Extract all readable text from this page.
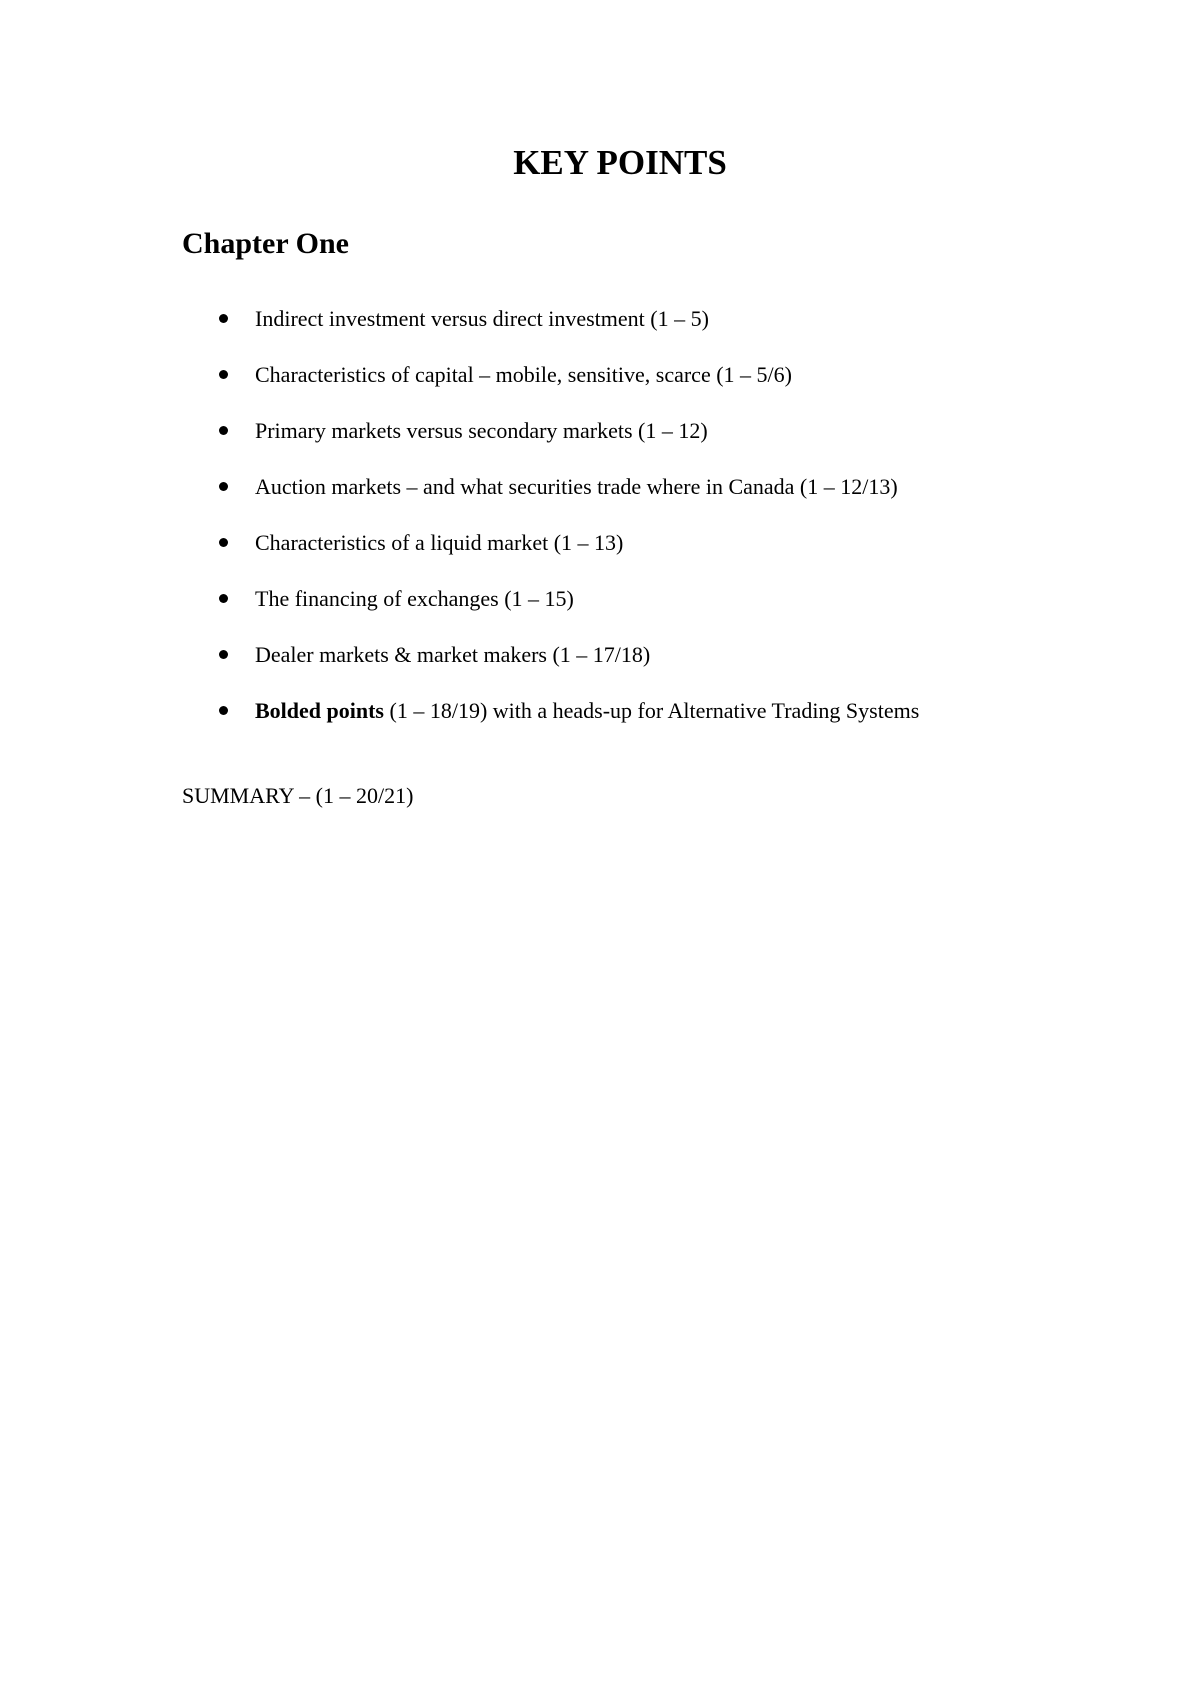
KEY POINTS
Chapter One
Indirect investment versus direct investment (1 – 5)
Characteristics of capital – mobile, sensitive, scarce (1 – 5/6)
Primary markets versus secondary markets (1 – 12)
Auction markets – and what securities trade where in Canada (1 – 12/13)
Characteristics of a liquid market (1 – 13)
The financing of exchanges (1 – 15)
Dealer markets & market makers (1 – 17/18)
Bolded points (1 – 18/19) with a heads-up for Alternative Trading Systems
SUMMARY – (1 – 20/21)
